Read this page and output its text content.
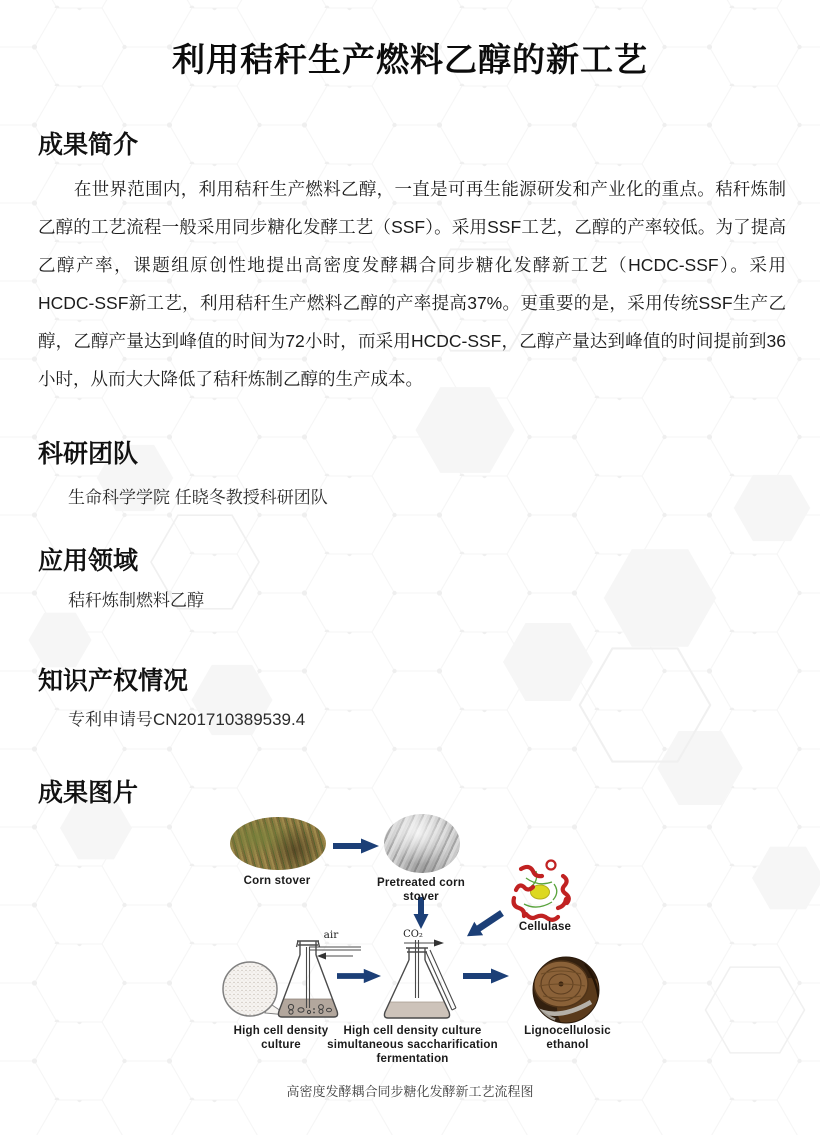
利用秸秆生产燃料乙醇的新工艺
成果简介
在世界范围内，利用秸秆生产燃料乙醇，一直是可再生能源研发和产业化的重点。秸秆炼制乙醇的工艺流程一般采用同步糖化发酵工艺（SSF）。采用SSF工艺，乙醇的产率较低。为了提高乙醇产率，课题组原创性地提出高密度发酵耦合同步糖化发酵新工艺（HCDC-SSF）。采用HCDC-SSF新工艺，利用秸秆生产燃料乙醇的产率提高37%。更重要的是，采用传统SSF生产乙醇，乙醇产量达到峰值的时间为72小时，而采用HCDC-SSF，乙醇产量达到峰值的时间提前到36小时，从而大大降低了秸秆炼制乙醇的生产成本。
科研团队
生命科学学院 任晓冬教授科研团队
应用领域
秸秆炼制燃料乙醇
知识产权情况
专利申请号CN201710389539.4
成果图片
air	CO₂
Corn stover	Pretreated corn stover
Cellulase
High cell density culture
High cell density culture simultaneous saccharification fermentation
Lignocellulosic ethanol
高密度发酵耦合同步糖化发酵新工艺流程图
